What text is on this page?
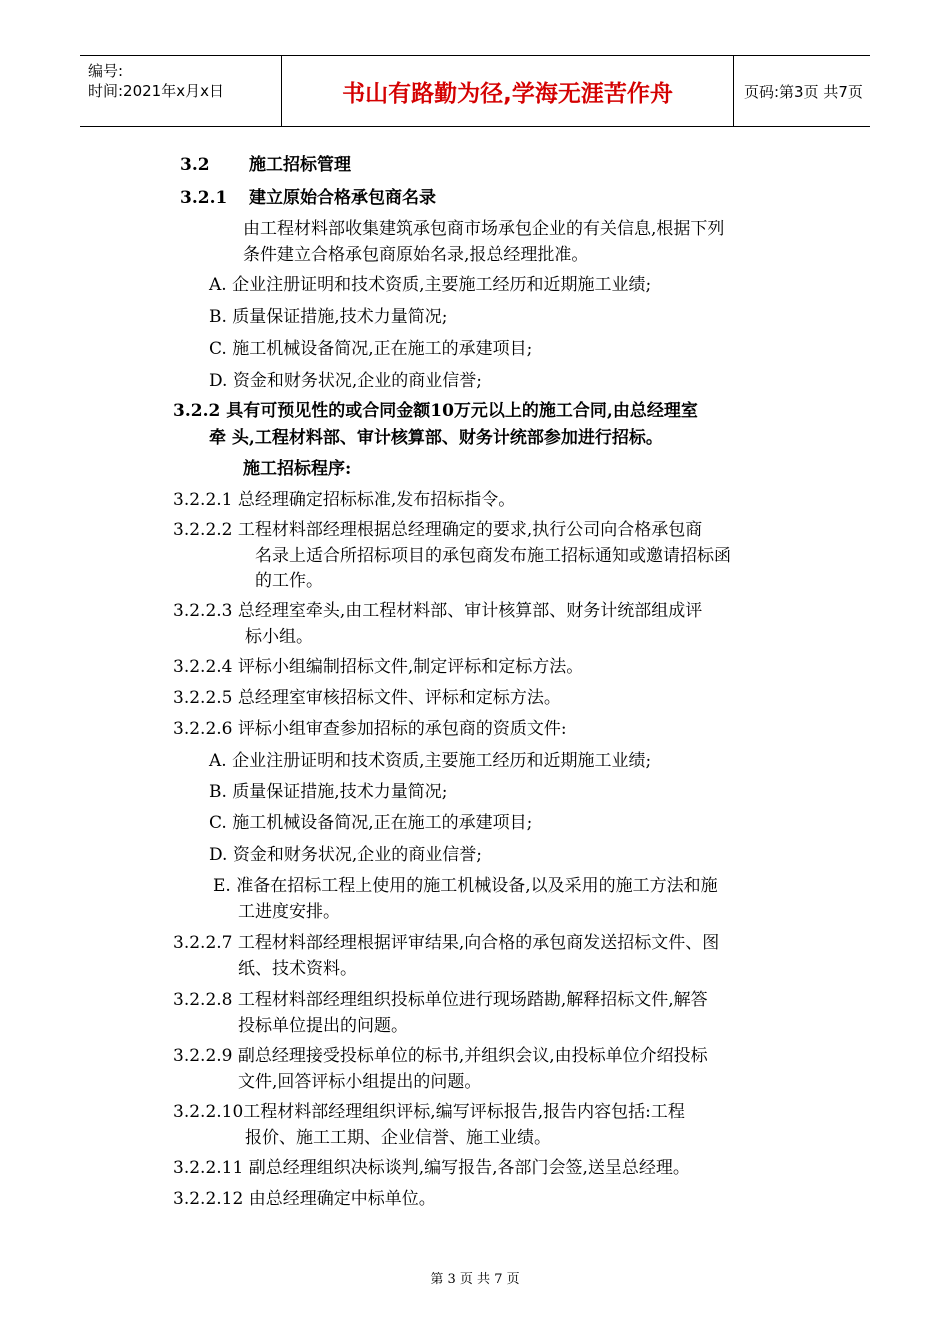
编号:
时间:2021年x月x日	书山有路勤为径,学海无涯苦作舟	页码:第3页 共7页
3.2 施工招标管理
3.2.1 建立原始合格承包商名录
由工程材料部收集建筑承包商市场承包企业的有关信息,根据下列
条件建立合格承包商原始名录,报总经理批准。
A. 企业注册证明和技术资质,主要施工经历和近期施工业绩;
B. 质量保证措施,技术力量简况;
C. 施工机械设备简况,正在施工的承建项目;
D. 资金和财务状况,企业的商业信誉;
3.2.2 具有可预见性的或合同金额10万元以上的施工合同,由总经理室
牵 头,工程材料部、审计核算部、财务计统部参加进行招标。
施工招标程序:
3.2.2.1 总经理确定招标标准,发布招标指令。
3.2.2.2 工程材料部经理根据总经理确定的要求,执行公司向合格承包商
名录上适合所招标项目的承包商发布施工招标通知或邀请招标函
的工作。
3.2.2.3 总经理室牵头,由工程材料部、审计核算部、财务计统部组成评
标小组。
3.2.2.4 评标小组编制招标文件,制定评标和定标方法。
3.2.2.5 总经理室审核招标文件、评标和定标方法。
3.2.2.6 评标小组审查参加招标的承包商的资质文件:
A. 企业注册证明和技术资质,主要施工经历和近期施工业绩;
B. 质量保证措施,技术力量简况;
C. 施工机械设备简况,正在施工的承建项目;
D. 资金和财务状况,企业的商业信誉;
E. 准备在招标工程上使用的施工机械设备,以及采用的施工方法和施
工进度安排。
3.2.2.7 工程材料部经理根据评审结果,向合格的承包商发送招标文件、图
纸、技术资料。
3.2.2.8 工程材料部经理组织投标单位进行现场踏勘,解释招标文件,解答
投标单位提出的问题。
3.2.2.9 副总经理接受投标单位的标书,并组织会议,由投标单位介绍投标
文件,回答评标小组提出的问题。
3.2.2.10工程材料部经理组织评标,编写评标报告,报告内容包括:工程
报价、施工工期、企业信誉、施工业绩。
3.2.2.11 副总经理组织决标谈判,编写报告,各部门会签,送呈总经理。
3.2.2.12 由总经理确定中标单位。
第 3 页 共 7 页
